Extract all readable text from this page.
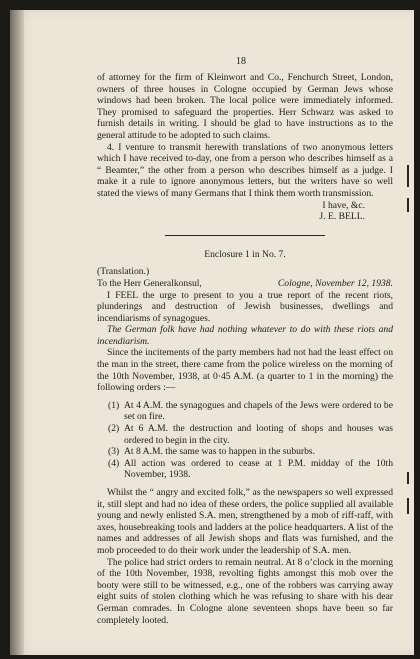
18

of attorney for the firm of Kleinwort and Co., Fenchurch Street, London, owners of three houses in Cologne occupied by German Jews whose windows had been broken. The local police were immediately informed. They promised to safeguard the properties. Herr Schwarz was asked to furnish details in writing. I should be glad to have instructions as to the general attitude to be adopted to such claims.

4. I venture to transmit herewith translations of two anonymous letters which I have received to-day, one from a person who describes himself as a “ Beamter,” the other from a person who describes himself as a judge. I make it a rule to ignore anonymous letters, but the writers have so well stated the views of many Germans that I think them worth transmission.

I have, &c.

J. E. BELL.

Enclosure 1 in No. 7.

(Translation.)

To the Herr Generalkonsul,	Cologne, November 12, 1938.

I FEEL the urge to present to you a true report of the recent riots, plunderings and destruction of Jewish businesses, dwellings and incendiarisms of synagogues.

The German folk have had nothing whatever to do with these riots and incendiarism.

Since the incitements of the party members had not had the least effect on the man in the street, there came from the police wireless on the morning of the 10th November, 1938, at 0·45 A.M. (a quarter to 1 in the morning) the following orders :—

(1) At 4 A.M. the synagogues and chapels of the Jews were ordered to be set on fire.
(2) At 6 A.M. the destruction and looting of shops and houses was ordered to begin in the city.
(3) At 8 A.M. the same was to happen in the suburbs.
(4) All action was ordered to cease at 1 P.M. midday of the 10th November, 1938.

Whilst the “ angry and excited folk,” as the newspapers so well expressed it, still slept and had no idea of these orders, the police supplied all available young and newly enlisted S.A. men, strengthened by a mob of riff-raff, with axes, housebreaking tools and ladders at the police headquarters. A list of the names and addresses of all Jewish shops and flats was furnished, and the mob proceeded to do their work under the leadership of S.A. men.

The police had strict orders to remain neutral. At 8 o’clock in the morning of the 10th November, 1938, revolting fights amongst this mob over the booty were still to be witnessed, e.g., one of the robbers was carrying away eight suits of stolen clothing which he was refusing to share with his dear German comrades. In Cologne alone seventeen shops have been so far completely looted.
